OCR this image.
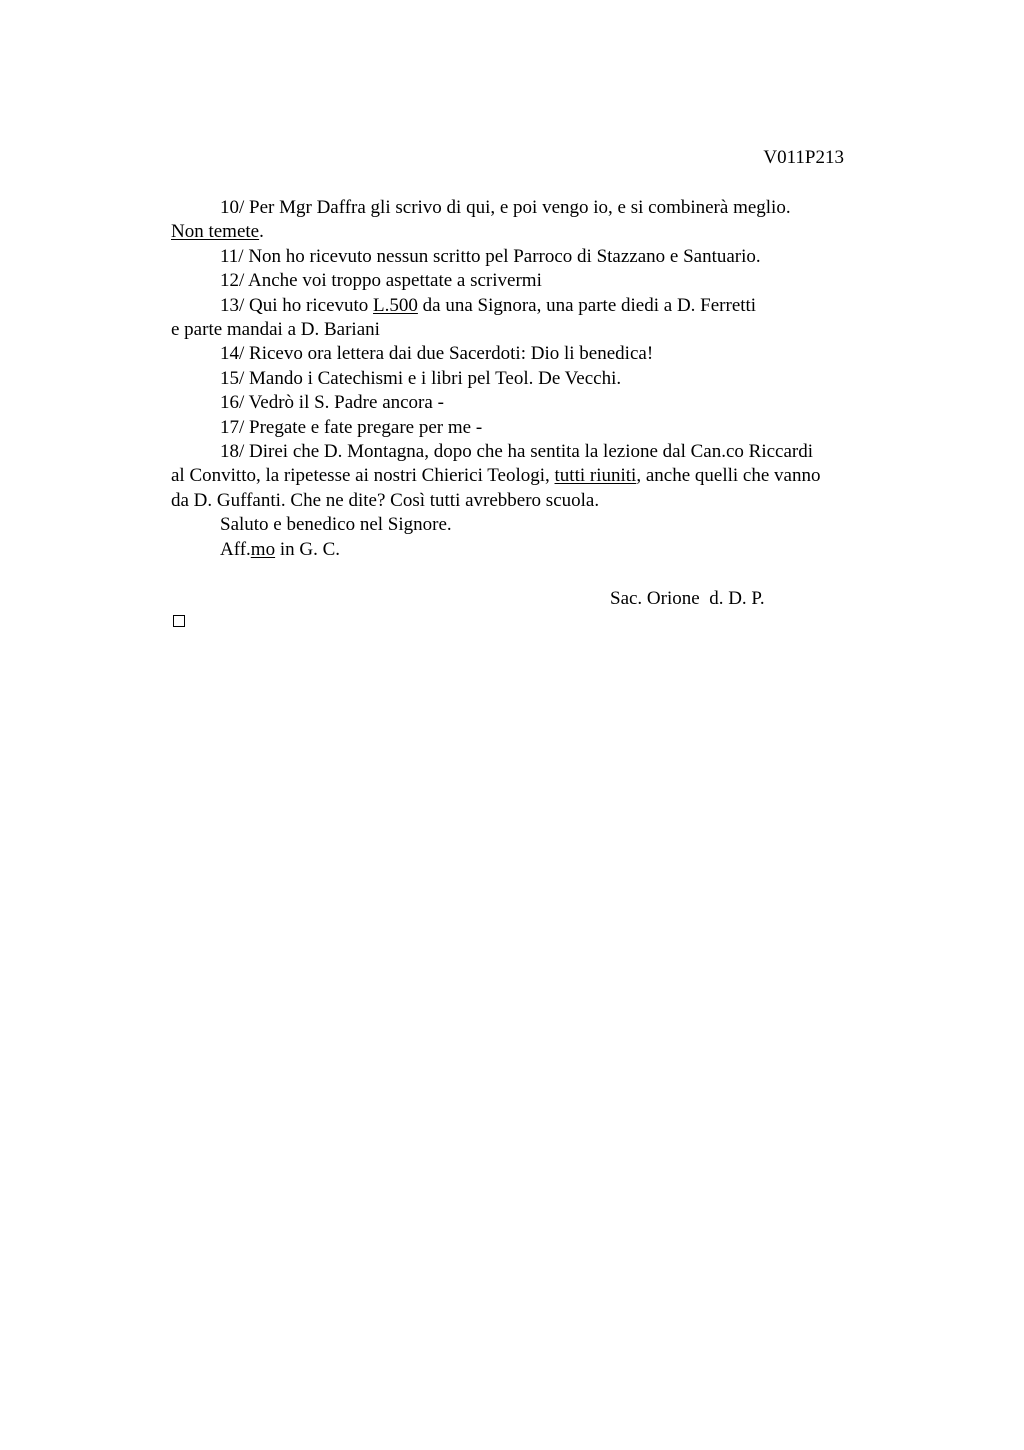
V011P213
10/ Per Mgr Daffra gli scrivo di qui, e poi vengo io, e si combinerà meglio.
Non temete.
11/ Non ho ricevuto nessun scritto pel Parroco di Stazzano e Santuario.
12/ Anche voi troppo aspettate a scrivermi
13/ Qui ho ricevuto L.500 da una Signora, una parte diedi a D. Ferretti
e parte mandai a D. Bariani
14/ Ricevo ora lettera dai due Sacerdoti: Dio li benedica!
15/ Mando i Catechismi e i libri pel Teol. De Vecchi.
16/ Vedrò il S. Padre ancora -
17/ Pregate e fate pregare per me -
18/ Direi che D. Montagna, dopo che ha sentita la lezione dal Can.co Riccardi
al Convitto, la ripetesse ai nostri Chierici Teologi, tutti riuniti, anche quelli che vanno
da D. Guffanti. Che ne dite? Così tutti avrebbero scuola.
Saluto e benedico nel Signore.
Aff.mo in G. C.
Sac. Orione  d. D. P.
